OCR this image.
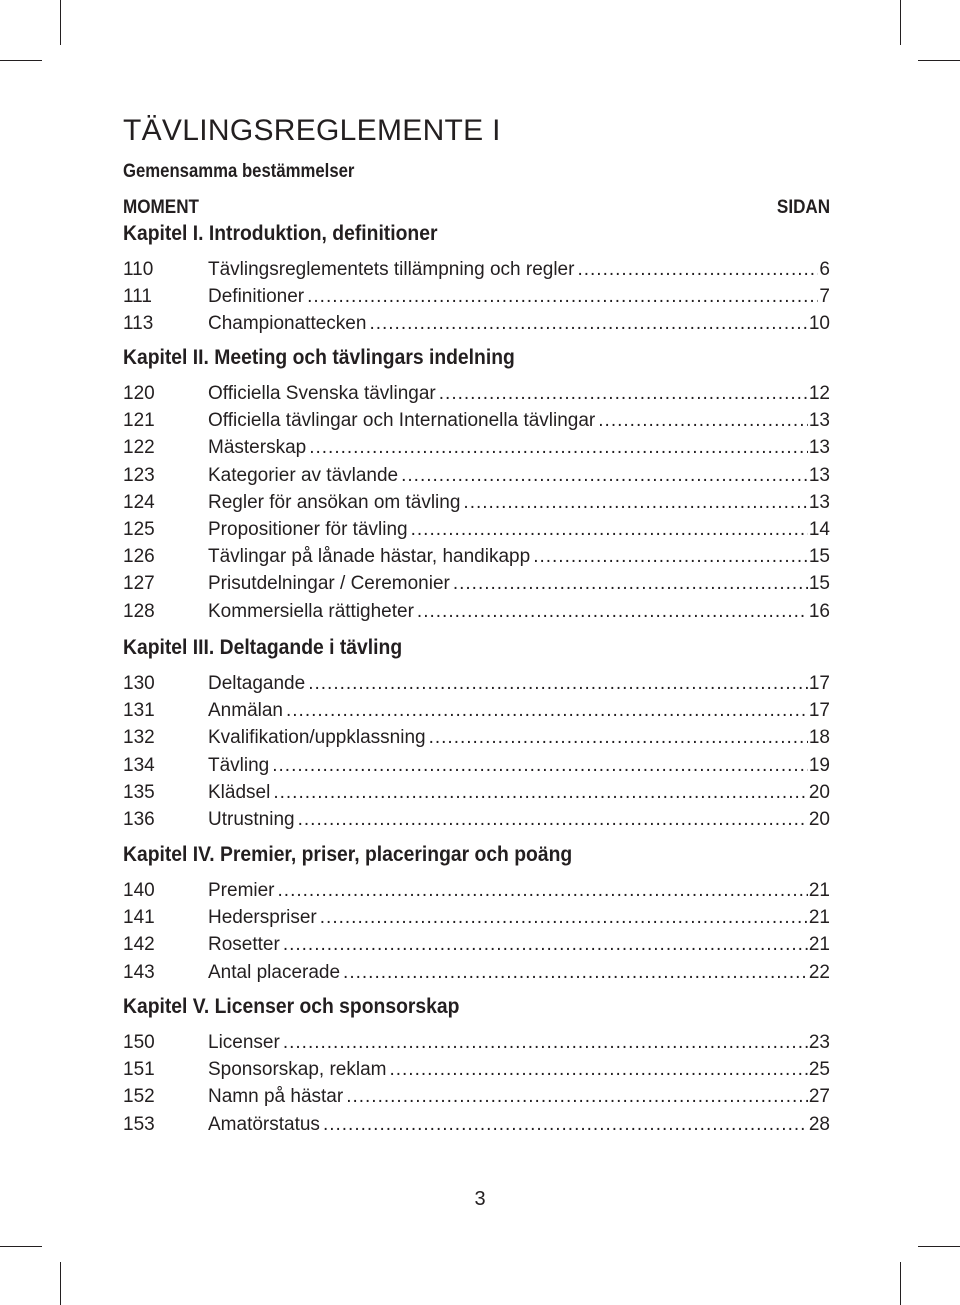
TÄVLINGSREGLEMENTE I
Gemensamma bestämmelser
MOMENT	SIDAN
Kapitel I. Introduktion, definitioner
110	Tävlingsreglementets tillämpning och regler .....	6
111	Definitioner .....	7
113	Championattecken .....	10
Kapitel II. Meeting och tävlingars indelning
120	Officiella Svenska tävlingar .....	12
121	Officiella tävlingar och Internationella tävlingar .....	13
122	Mästerskap .....	13
123	Kategorier av tävlande .....	13
124	Regler för ansökan om tävling .....	13
125	Propositioner för tävling .....	14
126	Tävlingar på lånade hästar, handikapp .....	15
127	Prisutdelningar / Ceremonier .....	15
128	Kommersiella rättigheter .....	16
Kapitel III. Deltagande i tävling
130	Deltagande .....	17
131	Anmälan .....	17
132	Kvalifikation/uppklassning .....	18
134	Tävling .....	19
135	Klädsel .....	20
136	Utrustning .....	20
Kapitel IV. Premier, priser, placeringar och poäng
140	Premier .....	21
141	Hederspriser .....	21
142	Rosetter .....	21
143	Antal placerade .....	22
Kapitel V. Licenser och sponsorskap
150	Licenser .....	23
151	Sponsorskap, reklam .....	25
152	Namn på hästar .....	27
153	Amatörstatus .....	28
3
